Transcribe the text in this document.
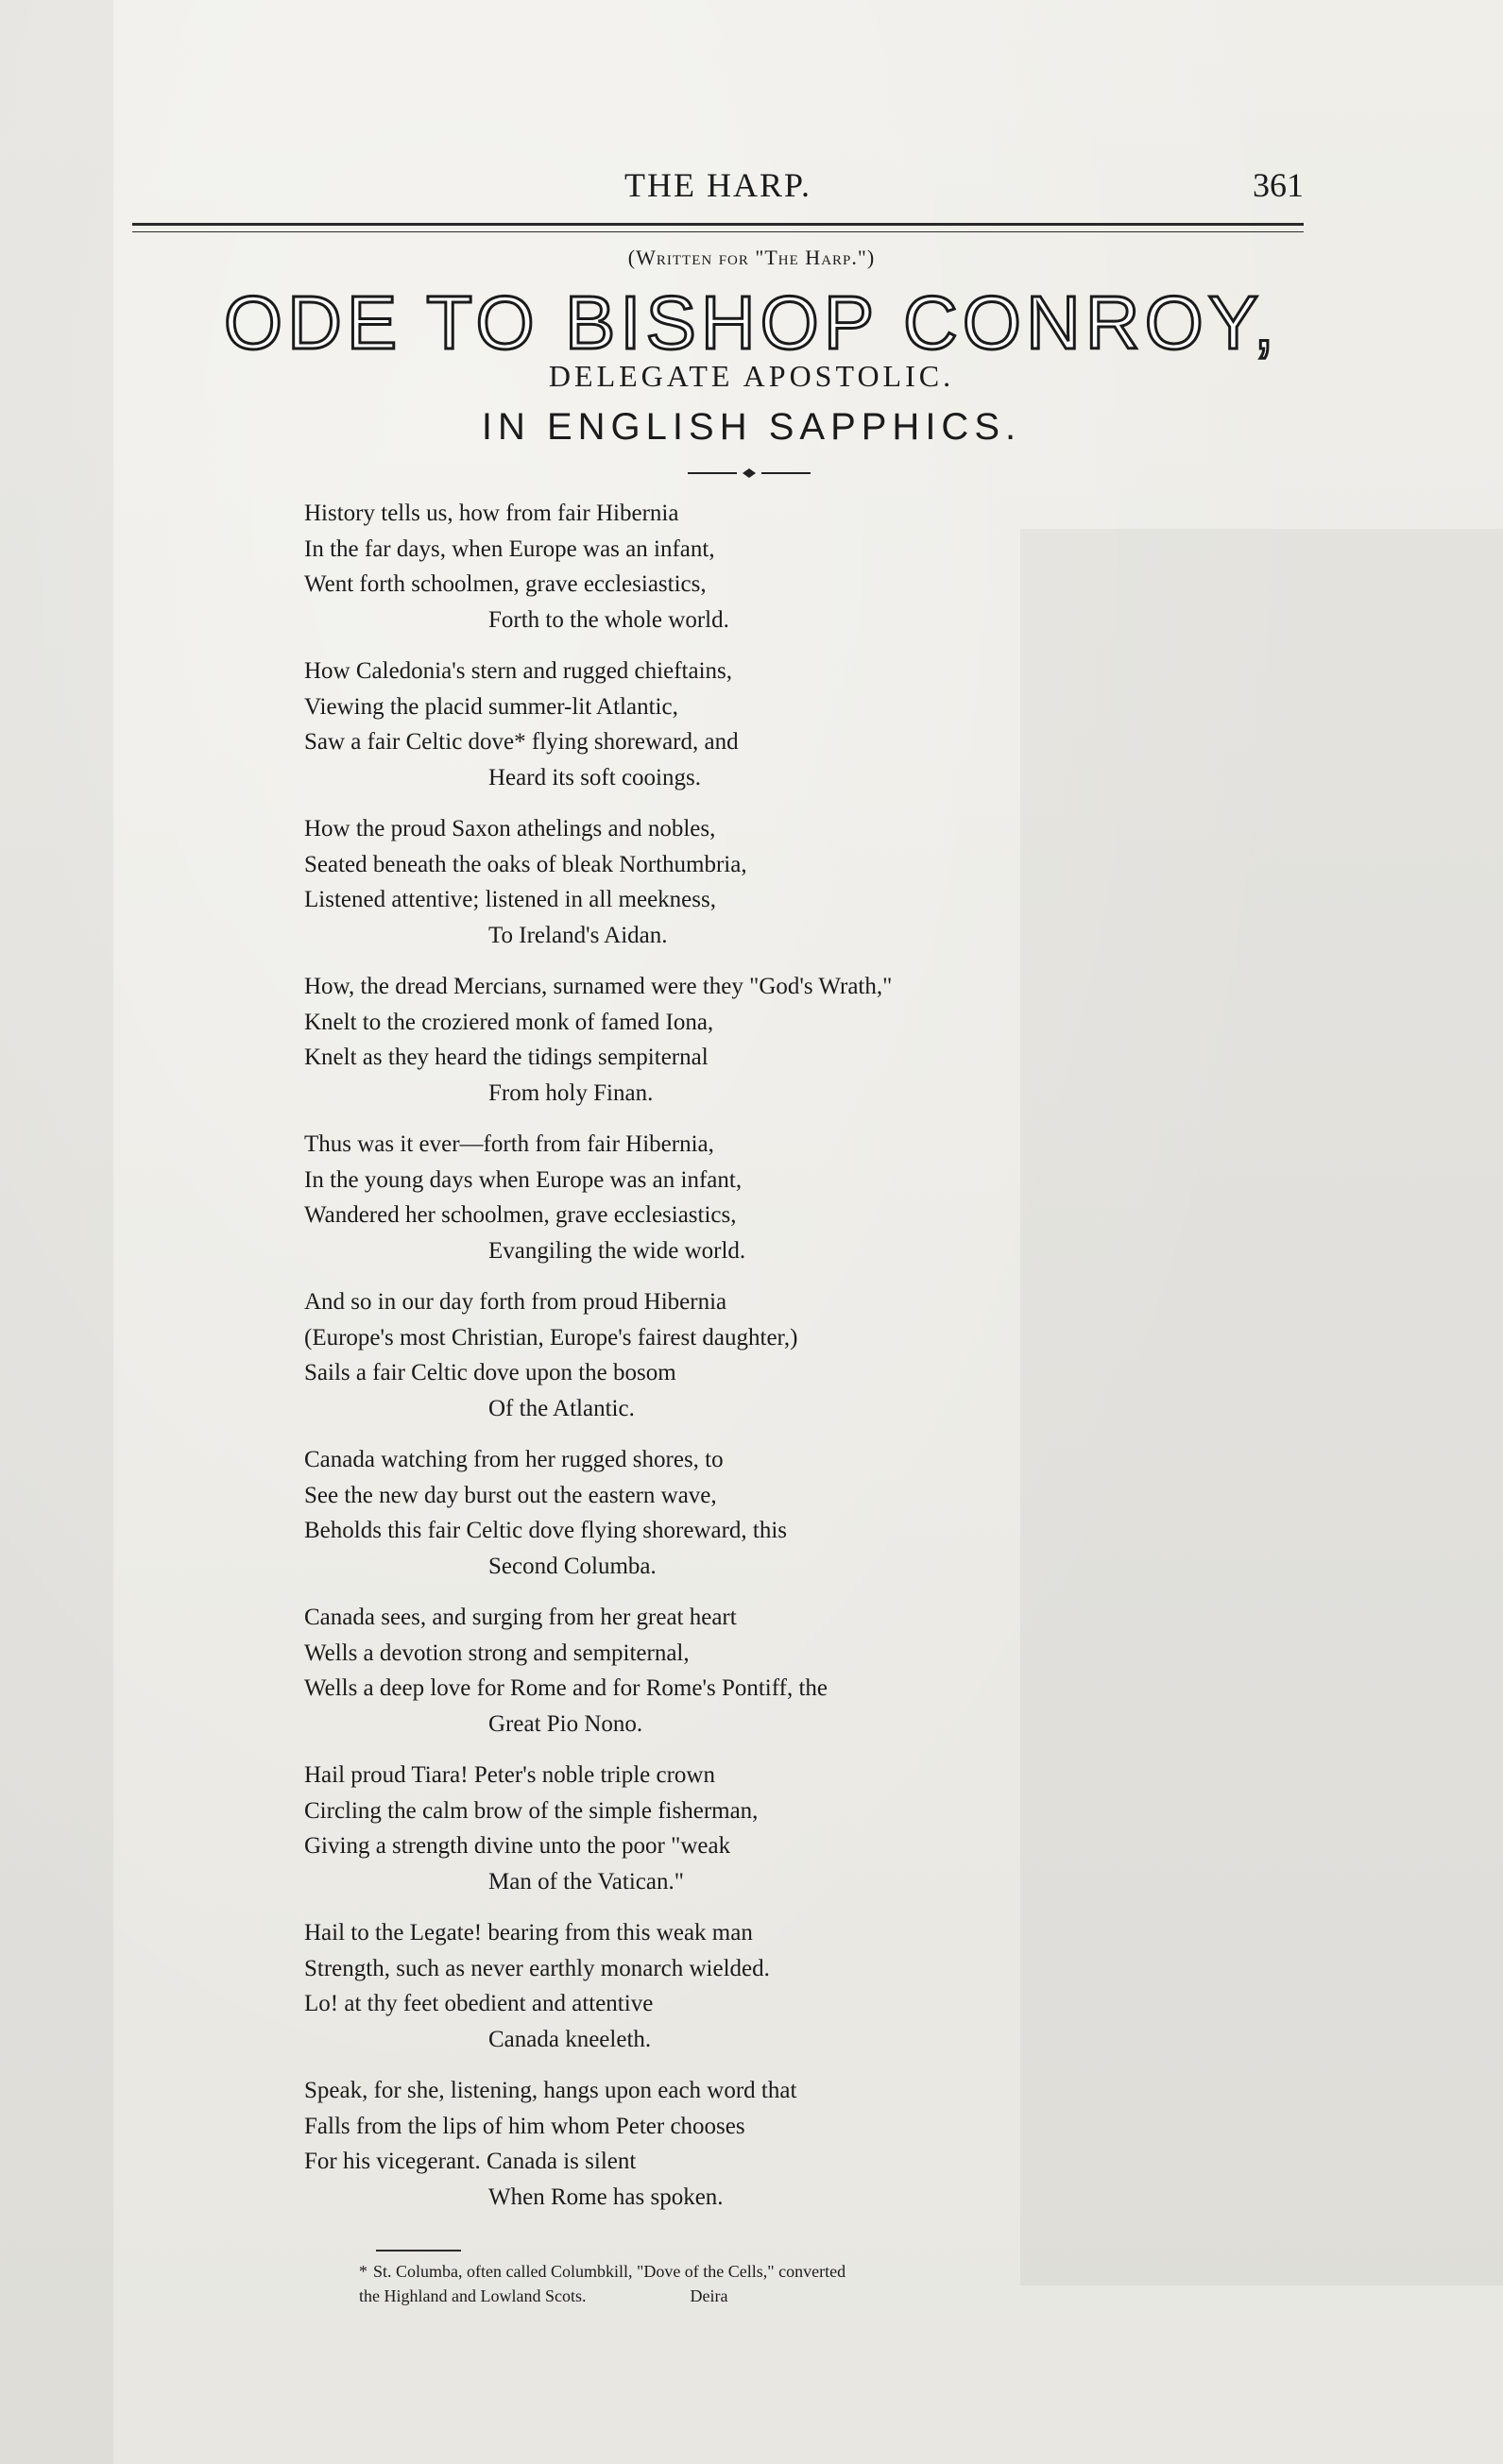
THE HARP.	361
(Written for "The Harp.")
ODE TO BISHOP CONROY,
DELEGATE APOSTOLIC.
IN ENGLISH SAPPHICS.
History tells us, how from fair Hibernia
In the far days, when Europe was an infant,
Went forth schoolmen, grave ecclesiastics,
Forth to the whole world.
How Caledonia's stern and rugged chieftains,
Viewing the placid summer-lit Atlantic,
Saw a fair Celtic dove* flying shoreward, and
Heard its soft cooings.
How the proud Saxon athelings and nobles,
Seated beneath the oaks of bleak Northumbria,
Listened attentive; listened in all meekness,
To Ireland's Aidan.
How, the dread Mercians, surnamed were they "God's Wrath,"
Knelt to the croziered monk of famed Iona,
Knelt as they heard the tidings sempiternal
From holy Finan.
Thus was it ever—forth from fair Hibernia,
In the young days when Europe was an infant,
Wandered her schoolmen, grave ecclesiastics,
Evangiling the wide world.
And so in our day forth from proud Hibernia
(Europe's most Christian, Europe's fairest daughter,)
Sails a fair Celtic dove upon the bosom
Of the Atlantic.
Canada watching from her rugged shores, to
See the new day burst out the eastern wave,
Beholds this fair Celtic dove flying shoreward, this
Second Columba.
Canada sees, and surging from her great heart
Wells a devotion strong and sempiternal,
Wells a deep love for Rome and for Rome's Pontiff, the
Great Pio Nono.
Hail proud Tiara! Peter's noble triple crown
Circling the calm brow of the simple fisherman,
Giving a strength divine unto the poor "weak
Man of the Vatican."
Hail to the Legate! bearing from this weak man
Strength, such as never earthly monarch wielded.
Lo! at thy feet obedient and attentive
Canada kneeleth.
Speak, for she, listening, hangs upon each word that
Falls from the lips of him whom Peter chooses
For his vicegerant. Canada is silent
When Rome has spoken.
* St. Columba, often called Columbkill, "Dove of the Cells," converted
the Highland and Lowland Scots.	Deira
